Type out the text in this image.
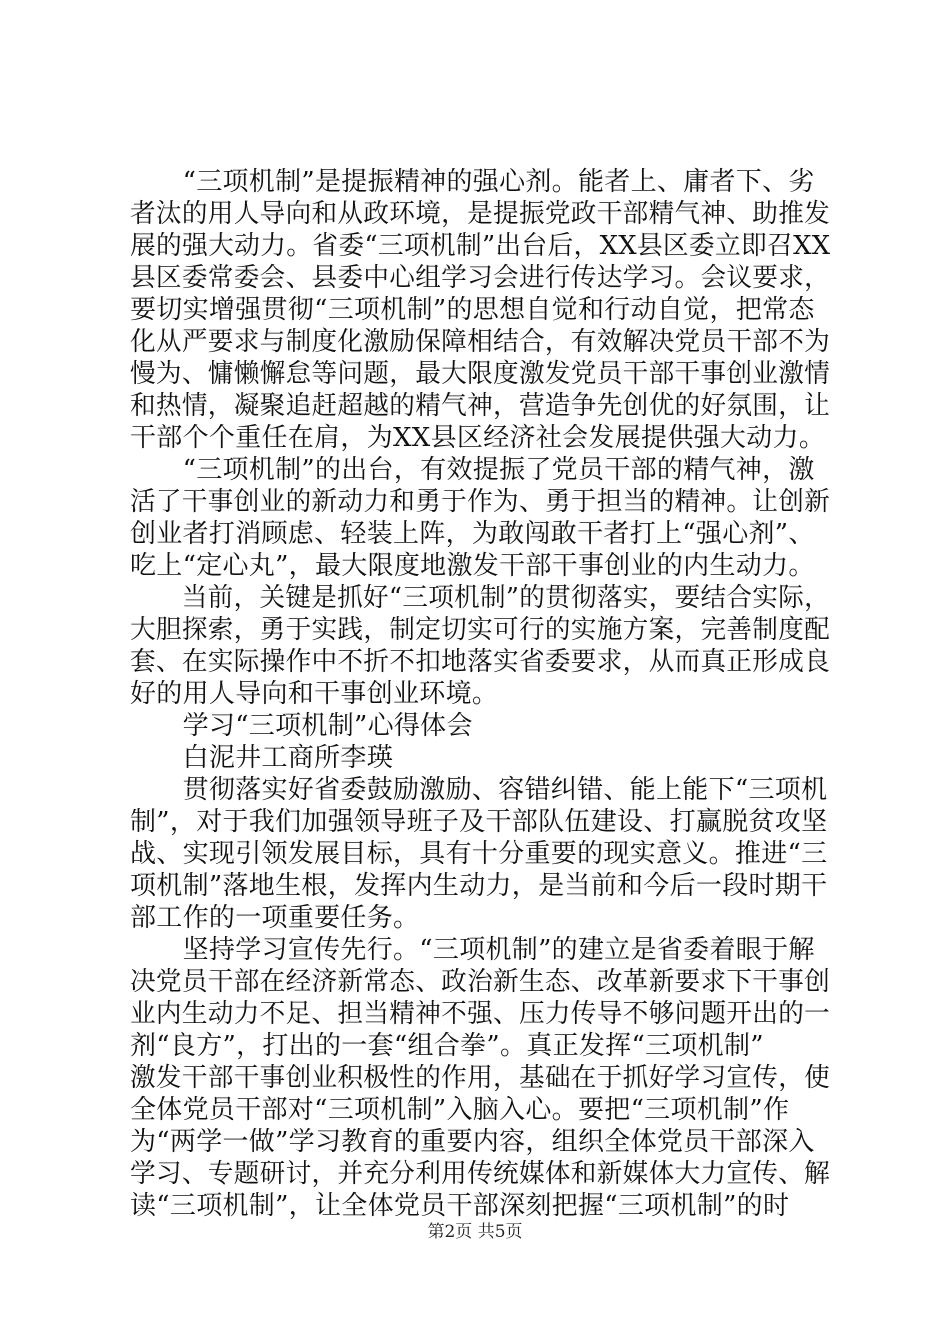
　　“三项机制”是提振精神的强心剂。能者上、庸者下、劣
者汰的用人导向和从政环境，是提振党政干部精气神、助推发
展的强大动力。省委“三项机制”出台后，XX县区委立即召XX
县区委常委会、县委中心组学习会进行传达学习。会议要求，
要切实增强贯彻“三项机制”的思想自觉和行动自觉，把常态
化从严要求与制度化激励保障相结合，有效解决党员干部不为
慢为、慵懒懈怠等问题，最大限度激发党员干部干事创业激情
和热情，凝聚追赶超越的精气神，营造争先创优的好氛围，让
干部个个重任在肩，为XX县区经济社会发展提供强大动力。
　　“三项机制”的出台，有效提振了党员干部的精气神，激
活了干事创业的新动力和勇于作为、勇于担当的精神。让创新
创业者打消顾虑、轻装上阵，为敢闯敢干者打上“强心剂”、
吃上“定心丸”，最大限度地激发干部干事创业的内生动力。
　　当前，关键是抓好“三项机制”的贯彻落实，要结合实际，
大胆探索，勇于实践，制定切实可行的实施方案，完善制度配
套、在实际操作中不折不扣地落实省委要求，从而真正形成良
好的用人导向和干事创业环境。
　　学习“三项机制”心得体会
　　白泥井工商所李瑛
　　贯彻落实好省委鼓励激励、容错纠错、能上能下“三项机
制”，对于我们加强领导班子及干部队伍建设、打赢脱贫攻坚
战、实现引领发展目标，具有十分重要的现实意义。推进“三
项机制”落地生根，发挥内生动力，是当前和今后一段时期干
部工作的一项重要任务。
　　坚持学习宣传先行。“三项机制”的建立是省委着眼于解
决党员干部在经济新常态、政治新生态、改革新要求下干事创
业内生动力不足、担当精神不强、压力传导不够问题开出的一
剂“良方”，打出的一套“组合拳”。真正发挥“三项机制”
激发干部干事创业积极性的作用，基础在于抓好学习宣传，使
全体党员干部对“三项机制”入脑入心。要把“三项机制”作
为“两学一做”学习教育的重要内容，组织全体党员干部深入
学习、专题研讨，并充分利用传统媒体和新媒体大力宣传、解
读“三项机制”，让全体党员干部深刻把握“三项机制”的时
第2页 共5页
